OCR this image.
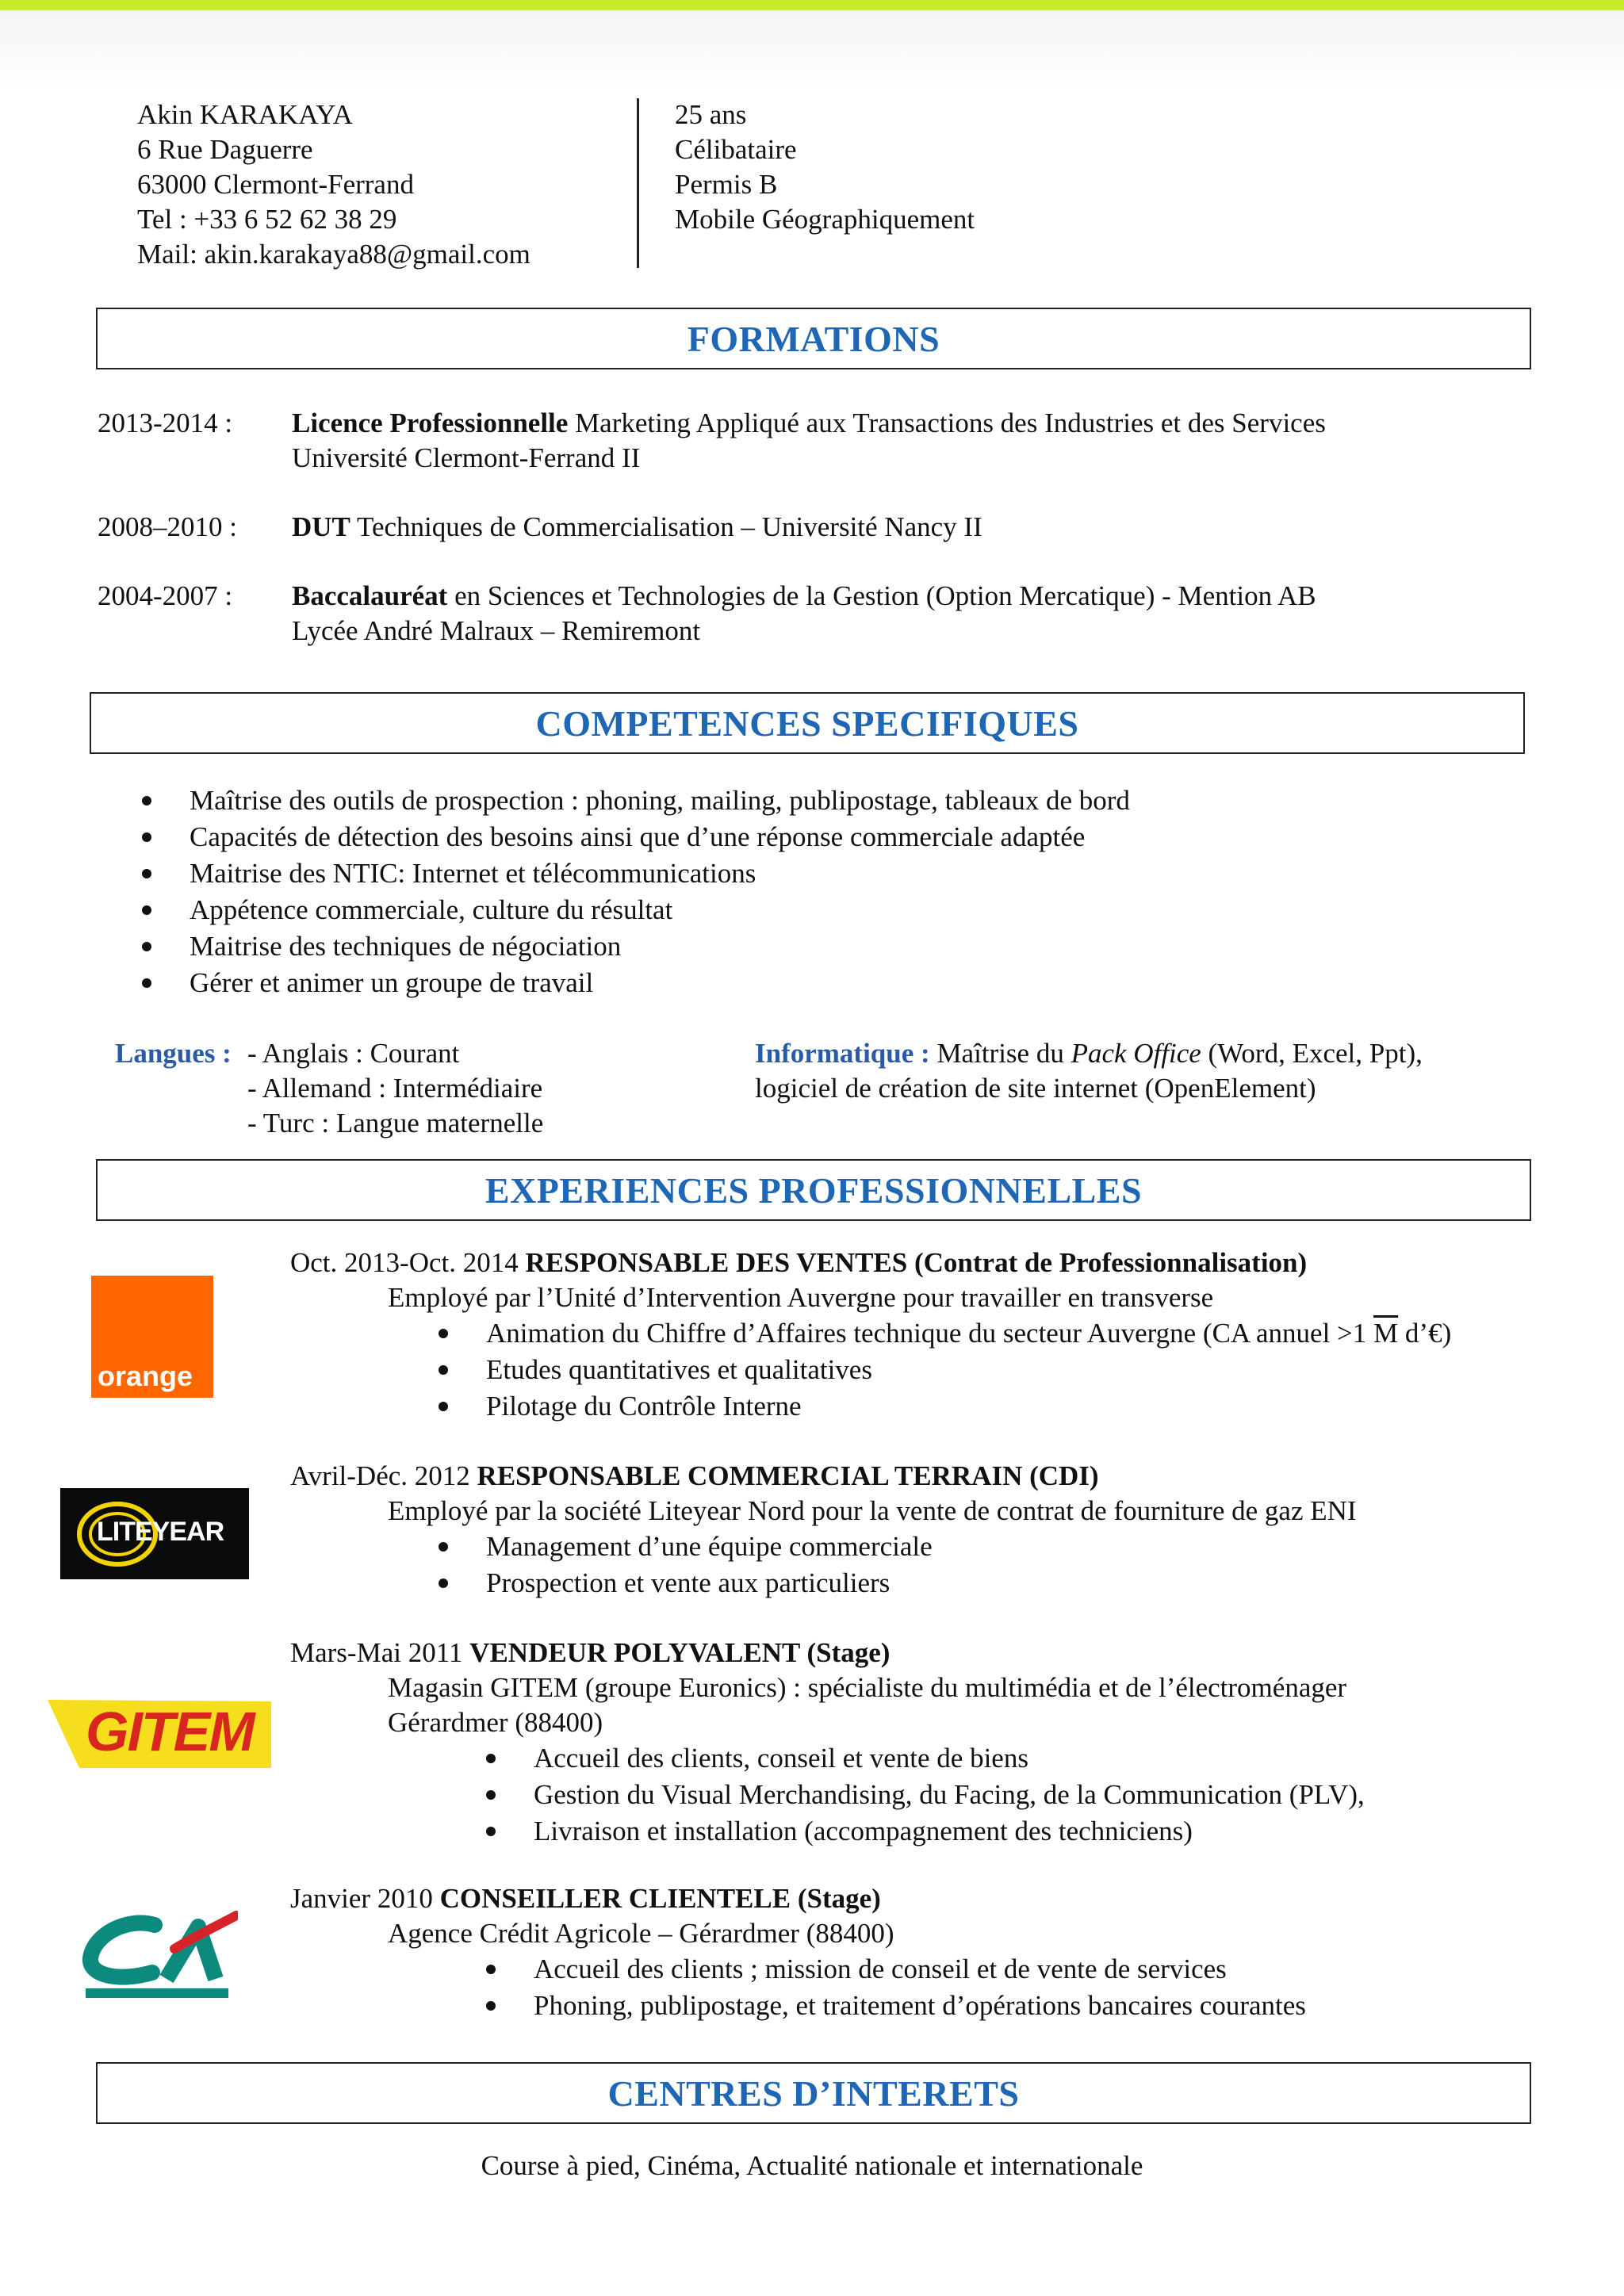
Akin KARAKAYA
6 Rue Daguerre
63000 Clermont-Ferrand
Tel : +33 6 52 62 38 29
Mail: akin.karakaya88@gmail.com
25 ans
Célibataire
Permis B
Mobile Géographiquement
FORMATIONS
2013-2014 : Licence Professionnelle Marketing Appliqué aux Transactions des Industries et des Services
Université Clermont-Ferrand II
2008–2010 : DUT Techniques de Commercialisation – Université Nancy II
2004-2007 : Baccalauréat en Sciences et Technologies de la Gestion (Option Mercatique) - Mention AB
Lycée André Malraux – Remiremont
COMPETENCES SPECIFIQUES
Maîtrise des outils de prospection : phoning, mailing, publipostage, tableaux de bord
Capacités de détection des besoins ainsi que d’une réponse commerciale adaptée
Maitrise des NTIC: Internet et télécommunications
Appétence commerciale, culture du résultat
Maitrise des techniques de négociation
Gérer et animer un groupe de travail
Langues : - Anglais : Courant
- Allemand : Intermédiaire
- Turc : Langue maternelle
Informatique : Maîtrise du Pack Office (Word, Excel, Ppt),
logiciel de création de site internet (OpenElement)
EXPERIENCES PROFESSIONNELLES
orange
Oct. 2013-Oct. 2014 RESPONSABLE DES VENTES (Contrat de Professionnalisation)
Employé par l’Unité d’Intervention Auvergne pour travailler en transverse
Animation du Chiffre d’Affaires technique du secteur Auvergne (CA annuel >1 $\overline{M}$ d’€)
Etudes quantitatives et qualitatives
Pilotage du Contrôle Interne
LITEYEAR
Avril-Déc. 2012 RESPONSABLE COMMERCIAL TERRAIN (CDI)
Employé par la société Liteyear Nord pour la vente de contrat de fourniture de gaz ENI
Management d’une équipe commerciale
Prospection et vente aux particuliers
GITEM
Mars-Mai 2011 VENDEUR POLYVALENT (Stage)
Magasin GITEM (groupe Euronics) : spécialiste du multimédia et de l’électroménager
Gérardmer (88400)
Accueil des clients, conseil et vente de biens
Gestion du Visual Merchandising, du Facing, de la Communication (PLV),
Livraison et installation (accompagnement des techniciens)
Janvier 2010 CONSEILLER CLIENTELE (Stage)
Agence Crédit Agricole – Gérardmer (88400)
Accueil des clients ; mission de conseil et de vente de services
Phoning, publipostage, et traitement d’opérations bancaires courantes
CENTRES D’INTERETS
Course à pied, Cinéma, Actualité nationale et internationale
